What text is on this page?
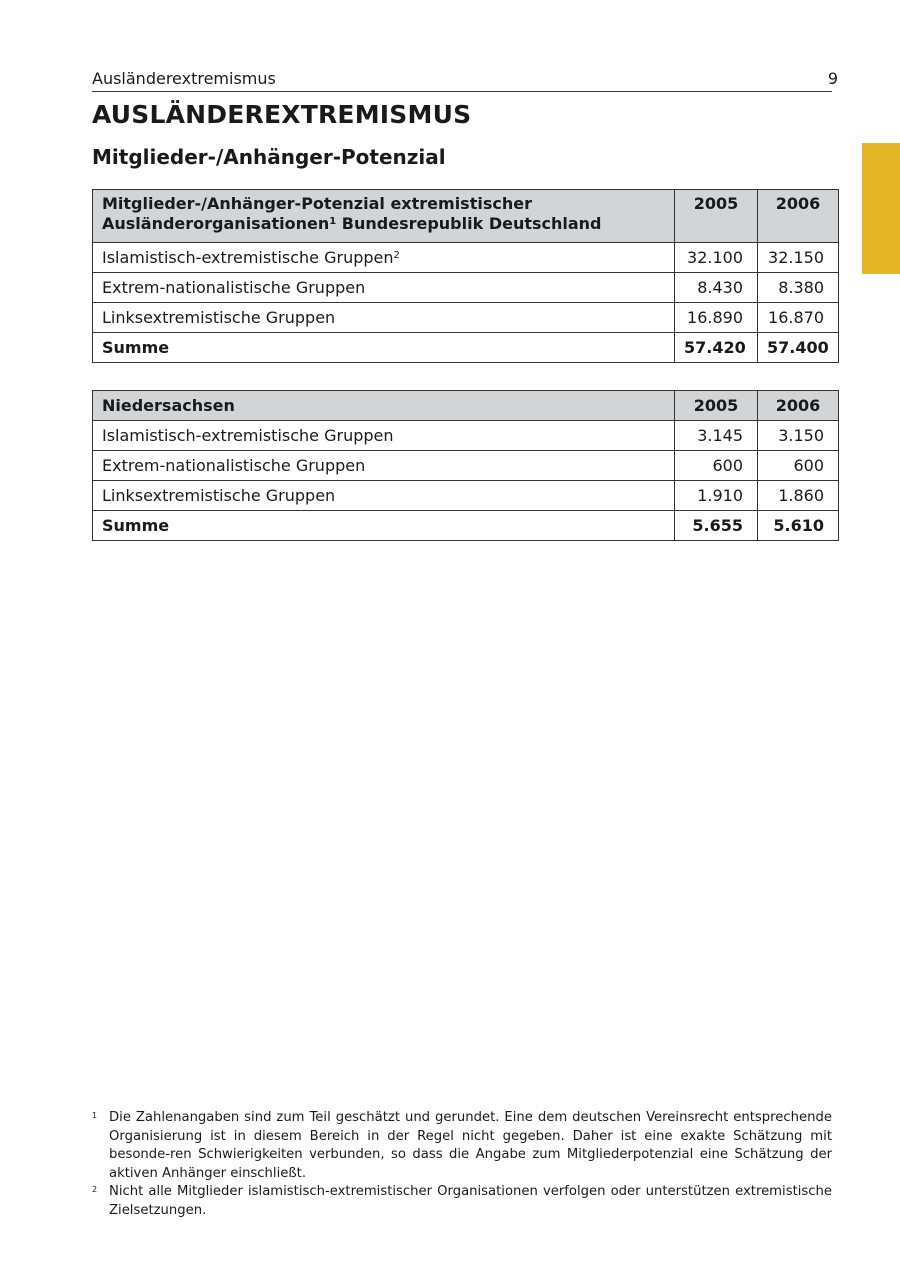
Ausländerextremismus	9
AUSLÄNDEREXTREMISMUS
Mitglieder-/Anhänger-Potenzial
Mitglieder-/Anhänger-Potenzial extremistischer
Ausländerorganisationen$^1$ Bundesrepublik Deutschland	2005	2006
Islamistisch-extremistische Gruppen$^2$	32.100	32.150
Extrem-nationalistische Gruppen	8.430	8.380
Linksextremistische Gruppen	16.890	16.870
Summe	57.420	57.400
Niedersachsen	2005	2006
Islamistisch-extremistische Gruppen	3.145	3.150
Extrem-nationalistische Gruppen	600	600
Linksextremistische Gruppen	1.910	1.860
Summe	5.655	5.610
1 Die Zahlenangaben sind zum Teil geschätzt und gerundet. Eine dem deutschen Vereinsrecht entsprechende Organisierung ist in diesem Bereich in der Regel nicht gegeben. Daher ist eine exakte Schätzung mit besonde-ren Schwierigkeiten verbunden, so dass die Angabe zum Mitgliederpotenzial eine Schätzung der aktiven Anhänger einschließt.
2 Nicht alle Mitglieder islamistisch-extremistischer Organisationen verfolgen oder unterstützen extremistische Zielsetzungen.
